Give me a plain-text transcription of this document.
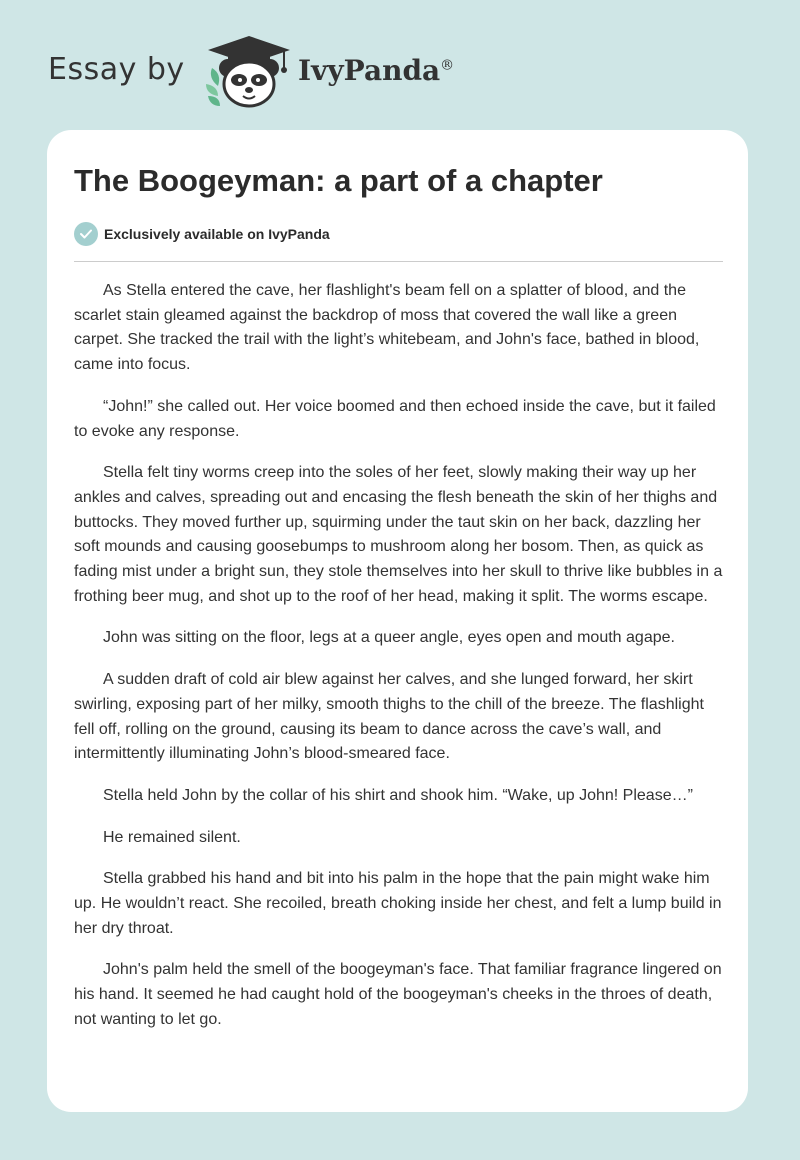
Essay by	IvyPanda®
The Boogeyman: a part of a chapter
Exclusively available on IvyPanda

As Stella entered the cave, her flashlight's beam fell on a splatter of blood, and the scarlet stain gleamed against the backdrop of moss that covered the wall like a green carpet. She tracked the trail with the light’s whitebeam, and John's face, bathed in blood, came into focus.

“John!” she called out. Her voice boomed and then echoed inside the cave, but it failed to evoke any response.

Stella felt tiny worms creep into the soles of her feet, slowly making their way up her ankles and calves, spreading out and encasing the flesh beneath the skin of her thighs and buttocks. They moved further up, squirming under the taut skin on her back, dazzling her soft mounds and causing goosebumps to mushroom along her bosom. Then, as quick as fading mist under a bright sun, they stole themselves into her skull to thrive like bubbles in a frothing beer mug, and shot up to the roof of her head, making it split. The worms escape.

John was sitting on the floor, legs at a queer angle, eyes open and mouth agape.

A sudden draft of cold air blew against her calves, and she lunged forward, her skirt swirling, exposing part of her milky, smooth thighs to the chill of the breeze. The flashlight fell off, rolling on the ground, causing its beam to dance across the cave’s wall, and intermittently illuminating John’s blood-smeared face.

Stella held John by the collar of his shirt and shook him. “Wake, up John! Please…”

He remained silent.

Stella grabbed his hand and bit into his palm in the hope that the pain might wake him up. He wouldn’t react. She recoiled, breath choking inside her chest, and felt a lump build in her dry throat.

John's palm held the smell of the boogeyman's face. That familiar fragrance lingered on his hand. It seemed he had caught hold of the boogeyman's cheeks in the throes of death, not wanting to let go.
